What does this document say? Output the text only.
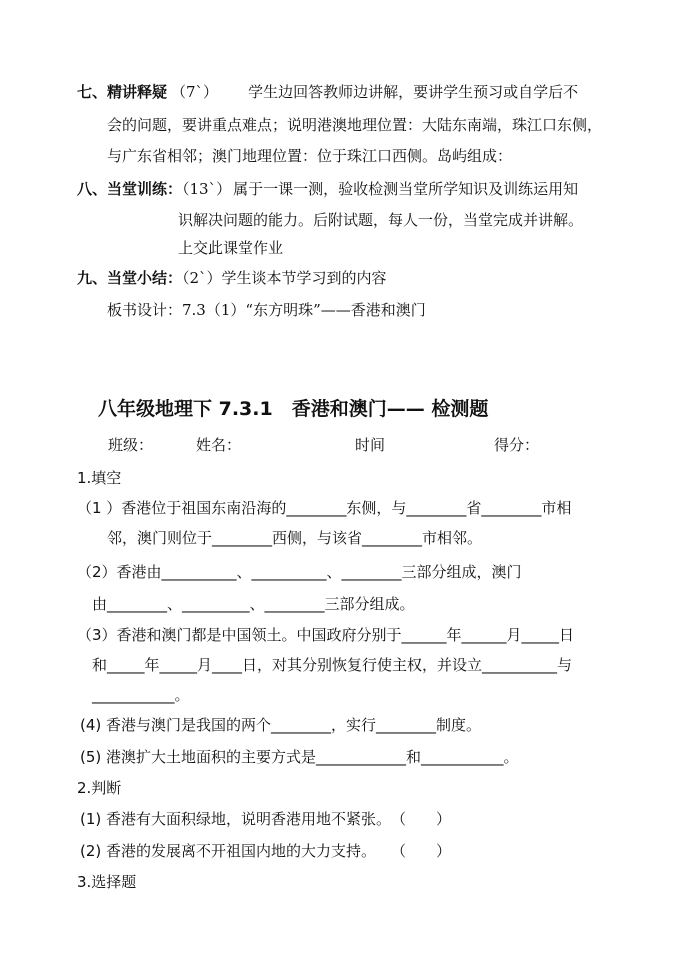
七、精讲释疑 （7ˋ） 学生边回答教师边讲解，要讲学生预习或自学后不
会的问题，要讲重点难点；说明港澳地理位置：大陆东南端，珠江口东侧，
与广东省相邻；澳门地理位置：位于珠江口西侧。岛屿组成：
八、当堂训练：（13ˋ） 属于一课一测，验收检测当堂所学知识及训练运用知
识解决问题的能力。后附试题，每人一份，当堂完成并讲解。
上交此课堂作业
九、当堂小结：（2ˋ）学生谈本节学习到的内容
板书设计：7.3（1）“东方明珠”——香港和澳门
八年级地理下 7.3.1　香港和澳门—— 检测题
班级：	姓名：	时间	得分：
1.填空
（1 ）香港位于祖国东南沿海的________东侧，与________省________市相
邻，澳门则位于________西侧，与该省________市相邻。
（2）香港由__________、__________、________三部分组成，澳门
由________、_________、________三部分组成。
（3）香港和澳门都是中国领土。中国政府分别于______年______月_____日
和_____年_____月____日，对其分别恢复行使主权，并设立__________与
___________。
(4) 香港与澳门是我国的两个________，实行________制度。
(5) 港澳扩大土地面积的主要方式是____________和___________。
2.判断
(1) 香港有大面积绿地，说明香港用地不紧张。　（　　）
(2) 香港的发展离不开祖国内地的大力支持。　　（　　）
3.选择题
